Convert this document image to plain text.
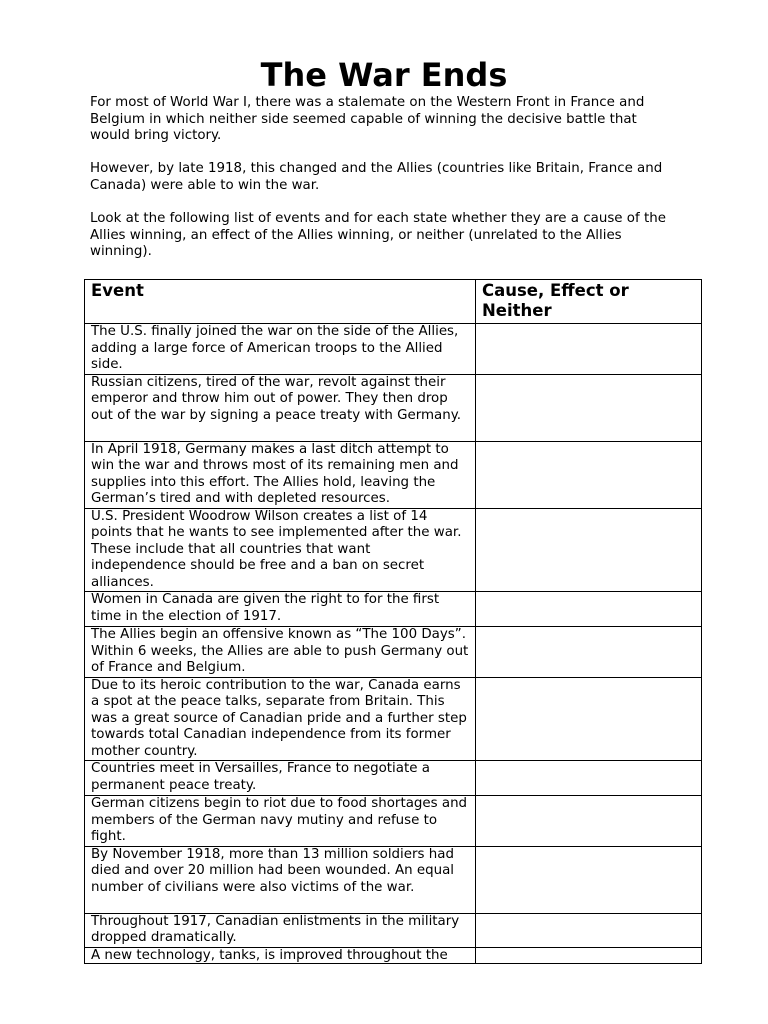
The War Ends

For most of World War I, there was a stalemate on the Western Front in France and Belgium in which neither side seemed capable of winning the decisive battle that would bring victory.

However, by late 1918, this changed and the Allies (countries like Britain, France and Canada) were able to win the war.

Look at the following list of events and for each state whether they are a cause of the Allies winning, an effect of the Allies winning, or neither (unrelated to the Allies winning).

Event	Cause, Effect or Neither
The U.S. finally joined the war on the side of the Allies, adding a large force of American troops to the Allied side.	
Russian citizens, tired of the war, revolt against their emperor and throw him out of power. They then drop out of the war by signing a peace treaty with Germany.	
In April 1918, Germany makes a last ditch attempt to win the war and throws most of its remaining men and supplies into this effort. The Allies hold, leaving the German’s tired and with depleted resources.	
U.S. President Woodrow Wilson creates a list of 14 points that he wants to see implemented after the war. These include that all countries that want independence should be free and a ban on secret alliances.	
Women in Canada are given the right to for the first time in the election of 1917.	
The Allies begin an offensive known as “The 100 Days”. Within 6 weeks, the Allies are able to push Germany out of France and Belgium.	
Due to its heroic contribution to the war, Canada earns a spot at the peace talks, separate from Britain. This was a great source of Canadian pride and a further step towards total Canadian independence from its former mother country.	
Countries meet in Versailles, France to negotiate a permanent peace treaty.	
German citizens begin to riot due to food shortages and members of the German navy mutiny and refuse to fight.	
By November 1918, more than 13 million soldiers had died and over 20 million had been wounded. An equal number of civilians were also victims of the war.	
Throughout 1917, Canadian enlistments in the military dropped dramatically.	

A new technology, tanks, is improved throughout the	
